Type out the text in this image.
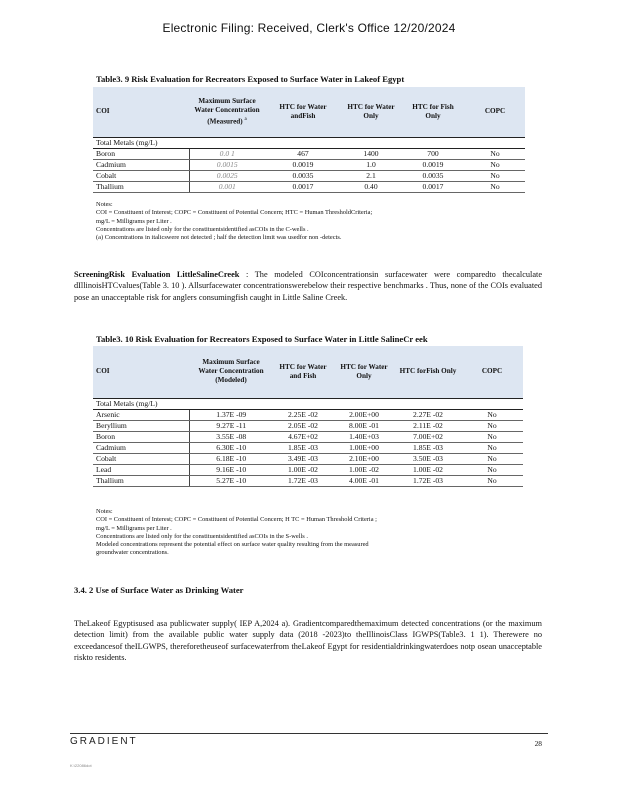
Electronic Filing: Received, Clerk's Office 12/20/2024
Table3. 9 Risk Evaluation for Recreators Exposed to Surface Water in Lakeof Egypt
COI	Maximum Surface Water Concentration (Measured) $^a$	HTC for Water andFish	HTC for Water Only	HTC for Fish Only	COPC
Total Metals (mg/L)					
Boron	0.0 1	467	1400	700	No
Cadmium	0.0015	0.0019	1.0	0.0019	No
Cobalt	0.0025	0.0035	2.1	0.0035	No
Thallium	0.001	0.0017	0.40	0.0017	No
Notes:
COI = Constituent of Interest; COPC = Constituent of Potential Concern; HTC = Human ThresholdCriteria;
mg/L = Milligrams per Liter .
Concentrations are listed only for the constituentsidentified asCOIs in the C-wells .
(a) Concentrations in italicswere not detected ; half the detection limit was usedfor non -detects.
ScreeningRisk Evaluation LittleSalineCreek : The modeled COIconcentrationsin surfacewater were comparedto thecalculate dIllinoisHTCvalues(Table 3. 10 ). Allsurfacewater concentrationswerebelow their respective benchmarks . Thus, none of the COIs evaluated pose an unacceptable risk for anglers consumingfish caught in Little Saline Creek.
Table3. 10 Risk Evaluation for Recreators Exposed to Surface Water in Little SalineCr eek
COI	Maximum Surface Water Concentration (Modeled)	HTC for Water and Fish	HTC for Water Only	HTC forFish Only	COPC
Total Metals (mg/L)					
Arsenic	1.37E -09	2.25E -02	2.00E+00	2.27E -02	No
Beryllium	9.27E -11	2.05E -02	8.00E -01	2.11E -02	No
Boron	3.55E -08	4.67E+02	1.40E+03	7.00E+02	No
Cadmium	6.30E -10	1.85E -03	1.00E+00	1.85E -03	No
Cobalt	6.18E -10	3.49E -03	2.10E+00	3.50E -03	No
Lead	9.16E -10	1.00E -02	1.00E -02	1.00E -02	No
Thallium	5.27E -10	1.72E -03	4.00E -01	1.72E -03	No
Notes:
COI = Constituent of Interest; COPC = Constituent of Potential Concern; H TC = Human Threshold Criteria ;
mg/L = Milligrams per Liter .
Concentrations are listed only for the constituentsidentified asCOIs in the S-wells .
Modeled concentrations represent the potential effect on surface water quality resulting from the measured
groundwater concentrations.
3.4. 2 Use of Surface Water as Drinking Water
TheLakeof Egyptisused asa publicwater supply( IEP A,2024 a). Gradientcomparedthemaximum detected concentrations (or the maximum detection limit) from the available public water supply data (2018 -2023)to theIllinoisClass IGWPS(Table3. 1 1). Therewere no exceedancesof theILGWPS, thereforetheuseof surfacewaterfrom theLakeof Egypt for residentialdrinkingwaterdoes notp osean unacceptable riskto residents.
GRADIENT	28
K:\22086dot
